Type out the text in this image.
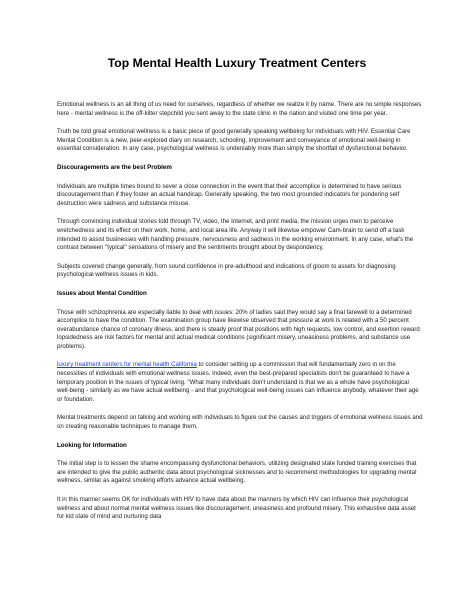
Top Mental Health Luxury Treatment Centers

Emotional wellness is an all thing of us need for ourselves, regardless of whether we realize it by name. There are no simple responses here - mental wellness is the off-kilter stepchild you sent away to the state clinic in the nation and visited one time per year.

Truth be told great emotional wellness is a basic piece of good generally speaking wellbeing for individuals with HIV. Essential Care Mental Condition is a new, peer-explored diary on research, schooling, improvement and conveyance of emotional well-being in essential consideration. In any case, psychological wellness is undeniably more than simply the shortfall of dysfunctional behavior.

Discouragements are the best Problem

Individuals are multiple times bound to sever a close connection in the event that their accomplice is determined to have serious discouragement than if they foster an actual handicap. Generally speaking, the two most grounded indicators for pondering self destruction were sadness and substance misuse.

Through convincing individual stories told through TV, video, the Internet, and print media, the mission urges men to perceive wretchedness and its effect on their work, home, and local area life. Anyway it will likewise empower Cam-brain to send off a task intended to assist businesses with handling pressure, nervousness and sadness in the working environment. In any case, what's the contrast between "typical" sensations of misery and the sentiments brought about by despondency.

Subjects covered change generally, from sound confidence in pre-adulthood and indications of gloom to assets for diagnosing psychological wellness issues in kids.

Issues about Mental Condition

Those with schizophrenia are especially liable to deal with issues: 20% of ladies said they would say a final farewell to a determined accomplice to have the condition. The examination group have likewise observed that pressure at work is related with a 50 percent overabundance chance of coronary illness, and there is steady proof that positions with high requests, low control, and exertion reward lopsidedness are risk factors for mental and actual medical conditions (significant misery, uneasiness problems, and substance use problems).

luxury treatment centers for mental health California to consider setting up a commission that will fundamentally zero in on the necessities of individuals with emotional wellness issues. Indeed, even the best-prepared specialists don't be guaranteed to have a temporary position in the issues of typical living. "What many individuals don't understand is that we as a whole have psychological well-being - similarly as we have actual wellbeing - and that psychological well-being issues can influence anybody, whatever their age or foundation.

Mental treatments depend on talking and working with individuals to figure out the causes and triggers of emotional wellness issues and on creating reasonable techniques to manage them.

Looking for Information

The initial step is to lessen the shame encompassing dysfunctional behaviors, utilizing designated state funded training exercises that are intended to give the public authentic data about psychological sicknesses and to recommend methodologies for upgrading mental wellness, similar as against smoking efforts advance actual wellbeing.

It in this manner seems OK for individuals with HIV to have data about the manners by which HIV can influence their psychological wellness and about normal mental wellness issues like discouragement, uneasiness and profound misery. This exhaustive data asset for kid state of mind and nurturing data
